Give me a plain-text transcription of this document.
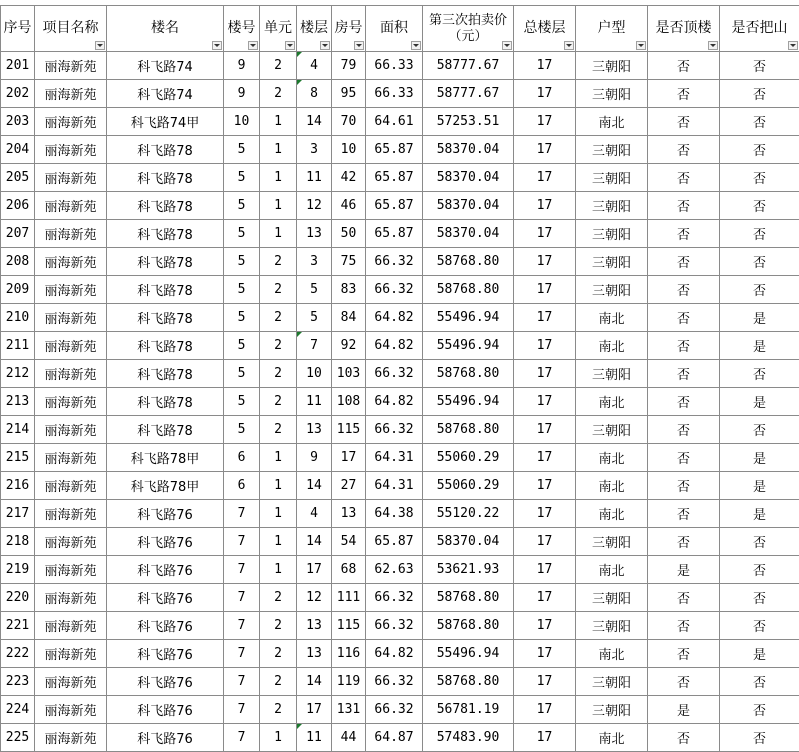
序号	项目名称	楼名	楼号	单元	楼层	房号	面积	第三次拍卖价（元）	总楼层	户型	是否顶楼	是否把山

201	丽海新苑	科飞路74	9	2	4	79	66.33	58777.67	17	三朝阳	否	否
202	丽海新苑	科飞路74	9	2	8	95	66.33	58777.67	17	三朝阳	否	否
203	丽海新苑	科飞路74甲	10	1	14	70	64.61	57253.51	17	南北	否	否
204	丽海新苑	科飞路78	5	1	3	10	65.87	58370.04	17	三朝阳	否	否
205	丽海新苑	科飞路78	5	1	11	42	65.87	58370.04	17	三朝阳	否	否
206	丽海新苑	科飞路78	5	1	12	46	65.87	58370.04	17	三朝阳	否	否
207	丽海新苑	科飞路78	5	1	13	50	65.87	58370.04	17	三朝阳	否	否
208	丽海新苑	科飞路78	5	2	3	75	66.32	58768.80	17	三朝阳	否	否
209	丽海新苑	科飞路78	5	2	5	83	66.32	58768.80	17	三朝阳	否	否
210	丽海新苑	科飞路78	5	2	5	84	64.82	55496.94	17	南北	否	是
211	丽海新苑	科飞路78	5	2	7	92	64.82	55496.94	17	南北	否	是
212	丽海新苑	科飞路78	5	2	10	103	66.32	58768.80	17	三朝阳	否	否
213	丽海新苑	科飞路78	5	2	11	108	64.82	55496.94	17	南北	否	是
214	丽海新苑	科飞路78	5	2	13	115	66.32	58768.80	17	三朝阳	否	否
215	丽海新苑	科飞路78甲	6	1	9	17	64.31	55060.29	17	南北	否	是
216	丽海新苑	科飞路78甲	6	1	14	27	64.31	55060.29	17	南北	否	是
217	丽海新苑	科飞路76	7	1	4	13	64.38	55120.22	17	南北	否	是
218	丽海新苑	科飞路76	7	1	14	54	65.87	58370.04	17	三朝阳	否	否
219	丽海新苑	科飞路76	7	1	17	68	62.63	53621.93	17	南北	是	否
220	丽海新苑	科飞路76	7	2	12	111	66.32	58768.80	17	三朝阳	否	否
221	丽海新苑	科飞路76	7	2	13	115	66.32	58768.80	17	三朝阳	否	否
222	丽海新苑	科飞路76	7	2	13	116	64.82	55496.94	17	南北	否	是
223	丽海新苑	科飞路76	7	2	14	119	66.32	58768.80	17	三朝阳	否	否
224	丽海新苑	科飞路76	7	2	17	131	66.32	56781.19	17	三朝阳	是	否
225	丽海新苑	科飞路76	7	1	11	44	64.87	57483.90	17	南北	否	否
